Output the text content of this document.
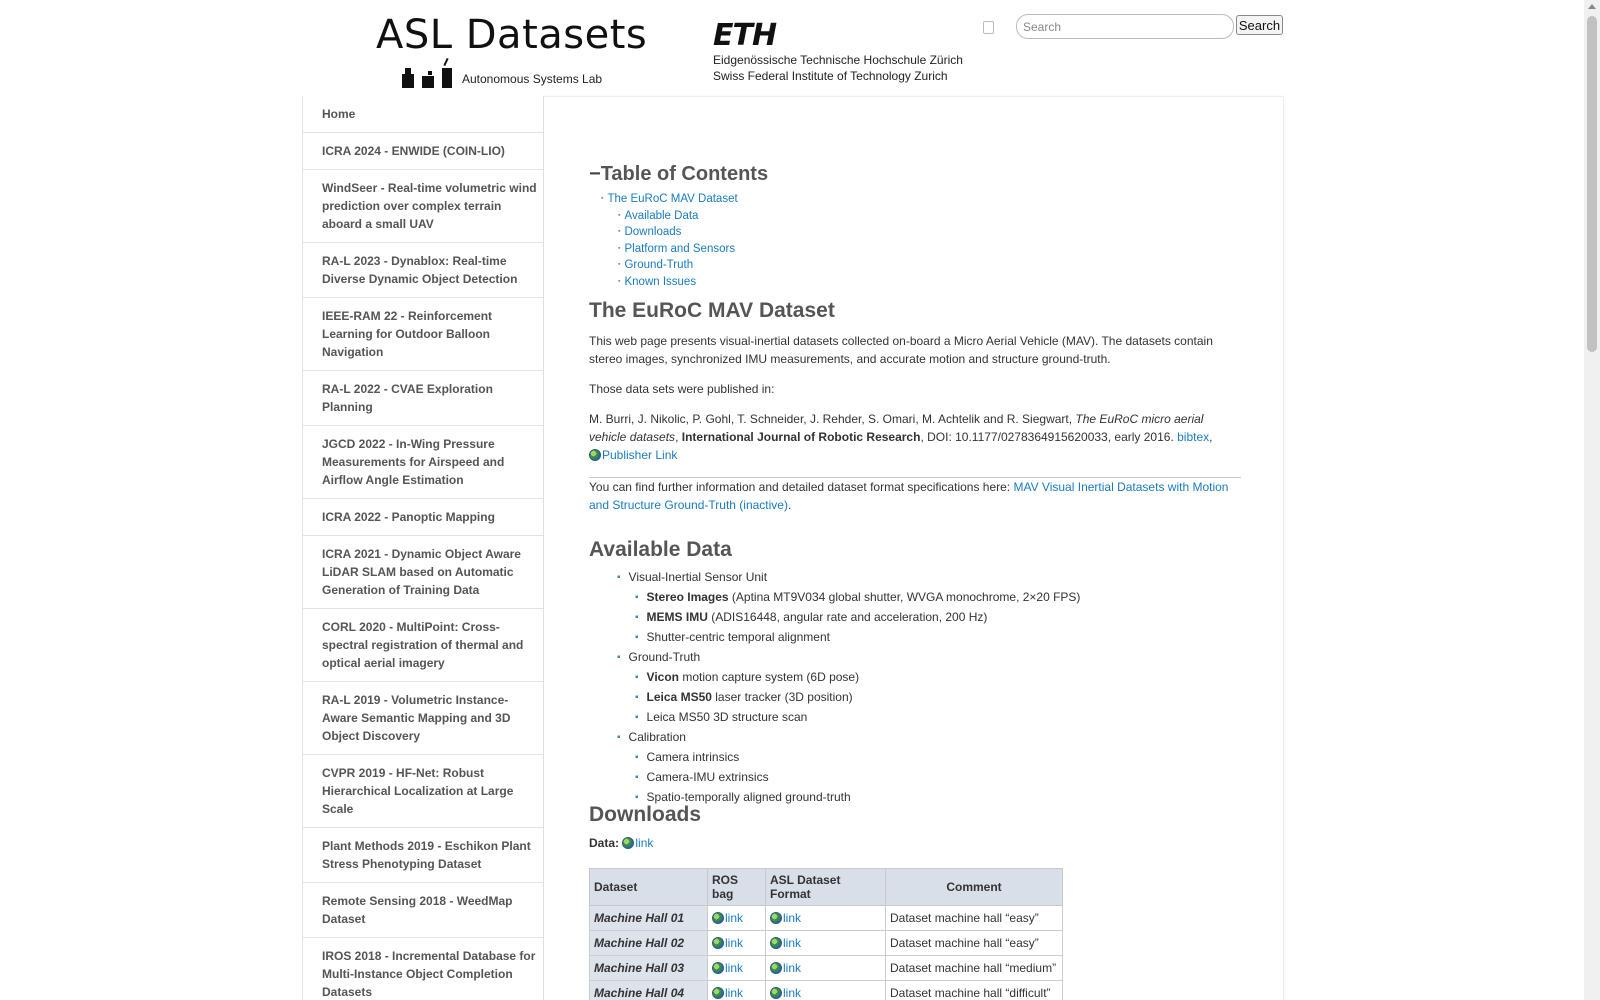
ASL Datasets
Autonomous Systems Lab
ETH
Eidgenössische Technische Hochschule Zürich
Swiss Federal Institute of Technology Zurich
Search
Search
Home
ICRA 2024 - ENWIDE (COIN-LIO)
WindSeer - Real-time volumetric wind prediction over complex terrain aboard a small UAV
RA-L 2023 - Dynablox: Real-time Diverse Dynamic Object Detection
IEEE-RAM 22 - Reinforcement Learning for Outdoor Balloon Navigation
RA-L 2022 - CVAE Exploration Planning
JGCD 2022 - In-Wing Pressure Measurements for Airspeed and Airflow Angle Estimation
ICRA 2022 - Panoptic Mapping
ICRA 2021 - Dynamic Object Aware LiDAR SLAM based on Automatic Generation of Training Data
CORL 2020 - MultiPoint: Cross-spectral registration of thermal and optical aerial imagery
RA-L 2019 - Volumetric Instance-Aware Semantic Mapping and 3D Object Discovery
CVPR 2019 - HF-Net: Robust Hierarchical Localization at Large Scale
Plant Methods 2019 - Eschikon Plant Stress Phenotyping Dataset
Remote Sensing 2018 - WeedMap Dataset
IROS 2018 - Incremental Database for Multi-Instance Object Completion Datasets
−Table of Contents
▪ The EuRoC MAV Dataset
▪ Available Data
▪ Downloads
▪ Platform and Sensors
▪ Ground-Truth
▪ Known Issues
The EuRoC MAV Dataset

This web page presents visual-inertial datasets collected on-board a Micro Aerial Vehicle (MAV). The datasets contain stereo images, synchronized IMU measurements, and accurate motion and structure ground-truth.

Those data sets were published in:

M. Burri, J. Nikolic, P. Gohl, T. Schneider, J. Rehder, S. Omari, M. Achtelik and R. Siegwart, The EuRoC micro aerial vehicle datasets, International Journal of Robotic Research, DOI: 10.1177/0278364915620033, early 2016. bibtex,
Publisher Link

You can find further information and detailed dataset format specifications here: MAV Visual Inertial Datasets with Motion and Structure Ground-Truth (inactive).

Available Data
▪ Visual-Inertial Sensor Unit
▪ Stereo Images (Aptina MT9V034 global shutter, WVGA monochrome, 2×20 FPS)
▪ MEMS IMU (ADIS16448, angular rate and acceleration, 200 Hz)
▪ Shutter-centric temporal alignment
▪ Ground-Truth
▪ Vicon motion capture system (6D pose)
▪ Leica MS50 laser tracker (3D position)
▪ Leica MS50 3D structure scan
▪ Calibration
▪ Camera intrinsics
▪ Camera-IMU extrinsics
▪ Spatio-temporally aligned ground-truth
Downloads

Data: link

Dataset	ROS bag	ASL Dataset Format	Comment
Machine Hall 01	link	link	Dataset machine hall “easy”
Machine Hall 02	link	link	Dataset machine hall “easy”
Machine Hall 03	link	link	Dataset machine hall “medium”
Machine Hall 04	link	link	Dataset machine hall “difficult”
